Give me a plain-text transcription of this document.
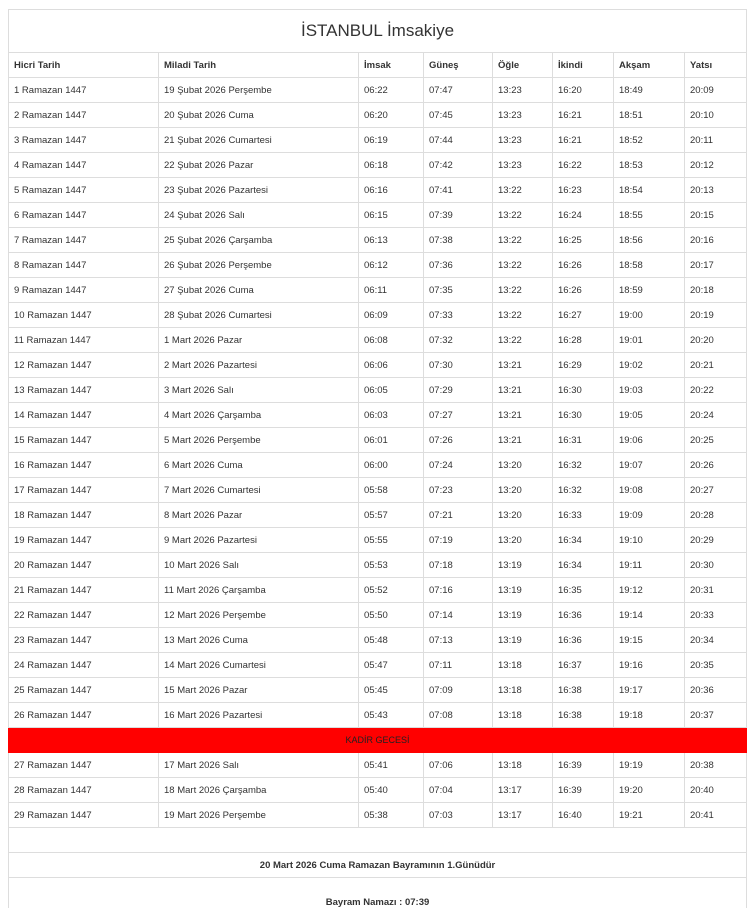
İSTANBUL İmsakiye							
Hicri Tarih	Miladi Tarih	İmsak	Güneş	Öğle	İkindi	Akşam	Yatsı
1 Ramazan 1447	19 Şubat 2026 Perşembe	06:22	07:47	13:23	16:20	18:49	20:09
2 Ramazan 1447	20 Şubat 2026 Cuma	06:20	07:45	13:23	16:21	18:51	20:10
3 Ramazan 1447	21 Şubat 2026 Cumartesi	06:19	07:44	13:23	16:21	18:52	20:11
4 Ramazan 1447	22 Şubat 2026 Pazar	06:18	07:42	13:23	16:22	18:53	20:12
5 Ramazan 1447	23 Şubat 2026 Pazartesi	06:16	07:41	13:22	16:23	18:54	20:13
6 Ramazan 1447	24 Şubat 2026 Salı	06:15	07:39	13:22	16:24	18:55	20:15
7 Ramazan 1447	25 Şubat 2026 Çarşamba	06:13	07:38	13:22	16:25	18:56	20:16
8 Ramazan 1447	26 Şubat 2026 Perşembe	06:12	07:36	13:22	16:26	18:58	20:17
9 Ramazan 1447	27 Şubat 2026 Cuma	06:11	07:35	13:22	16:26	18:59	20:18
10 Ramazan 1447	28 Şubat 2026 Cumartesi	06:09	07:33	13:22	16:27	19:00	20:19
11 Ramazan 1447	1 Mart 2026 Pazar	06:08	07:32	13:22	16:28	19:01	20:20
12 Ramazan 1447	2 Mart 2026 Pazartesi	06:06	07:30	13:21	16:29	19:02	20:21
13 Ramazan 1447	3 Mart 2026 Salı	06:05	07:29	13:21	16:30	19:03	20:22
14 Ramazan 1447	4 Mart 2026 Çarşamba	06:03	07:27	13:21	16:30	19:05	20:24
15 Ramazan 1447	5 Mart 2026 Perşembe	06:01	07:26	13:21	16:31	19:06	20:25
16 Ramazan 1447	6 Mart 2026 Cuma	06:00	07:24	13:20	16:32	19:07	20:26
17 Ramazan 1447	7 Mart 2026 Cumartesi	05:58	07:23	13:20	16:32	19:08	20:27
18 Ramazan 1447	8 Mart 2026 Pazar	05:57	07:21	13:20	16:33	19:09	20:28
19 Ramazan 1447	9 Mart 2026 Pazartesi	05:55	07:19	13:20	16:34	19:10	20:29
20 Ramazan 1447	10 Mart 2026 Salı	05:53	07:18	13:19	16:34	19:11	20:30
21 Ramazan 1447	11 Mart 2026 Çarşamba	05:52	07:16	13:19	16:35	19:12	20:31
22 Ramazan 1447	12 Mart 2026 Perşembe	05:50	07:14	13:19	16:36	19:14	20:33
23 Ramazan 1447	13 Mart 2026 Cuma	05:48	07:13	13:19	16:36	19:15	20:34
24 Ramazan 1447	14 Mart 2026 Cumartesi	05:47	07:11	13:18	16:37	19:16	20:35
25 Ramazan 1447	15 Mart 2026 Pazar	05:45	07:09	13:18	16:38	19:17	20:36
26 Ramazan 1447	16 Mart 2026 Pazartesi	05:43	07:08	13:18	16:38	19:18	20:37
KADİR GECESİ							
27 Ramazan 1447	17 Mart 2026 Salı	05:41	07:06	13:18	16:39	19:19	20:38
28 Ramazan 1447	18 Mart 2026 Çarşamba	05:40	07:04	13:17	16:39	19:20	20:40
29 Ramazan 1447	19 Mart 2026 Perşembe	05:38	07:03	13:17	16:40	19:21	20:41

20 Mart 2026 Cuma Ramazan Bayramının 1.Günüdür							
Bayram Namazı : 07:39							
